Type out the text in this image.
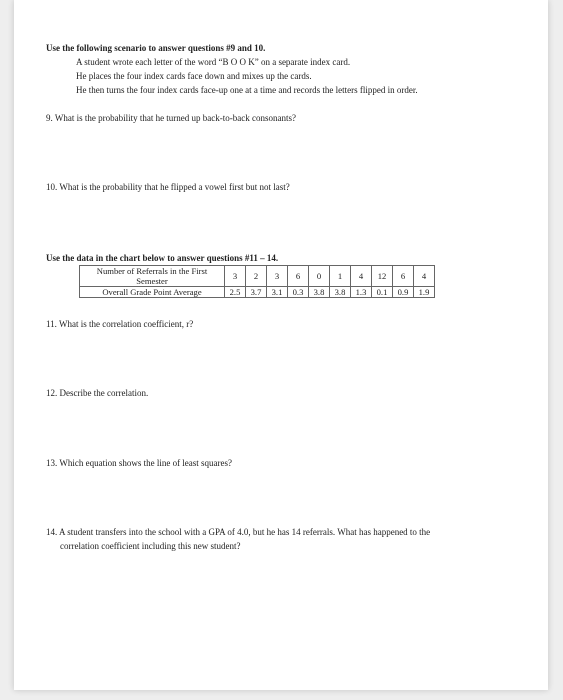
Use the following scenario to answer questions #9 and 10.
A student wrote each letter of the word “B O O K” on a separate index card.
He places the four index cards face down and mixes up the cards.
He then turns the four index cards face-up one at a time and records the letters flipped in order.
9. What is the probability that he turned up back-to-back consonants?
10. What is the probability that he flipped a vowel first but not last?
Use the data in the chart below to answer questions #11 – 14.
Number of Referrals in the First Semester	3	2	3	6	0	1	4	12	6	4
Overall Grade Point Average	2.5	3.7	3.1	0.3	3.8	3.8	1.3	0.1	0.9	1.9
11. What is the correlation coefficient, r?
12. Describe the correlation.
13. Which equation shows the line of least squares?
14. A student transfers into the school with a GPA of 4.0, but he has 14 referrals. What has happened to the
correlation coefficient including this new student?
